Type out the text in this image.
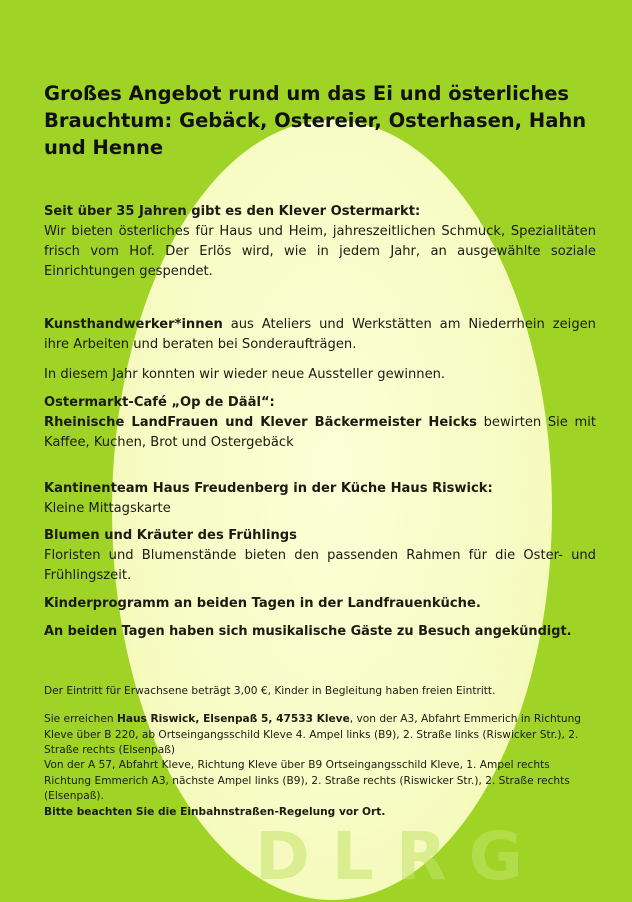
DLRG

Großes Angebot rund um das Ei und österliches Brauchtum: Gebäck, Ostereier, Osterhasen, Hahn und Henne

Seit über 35 Jahren gibt es den Klever Ostermarkt:
Wir bieten österliches für Haus und Heim, jahreszeitlichen Schmuck, Spezialitäten frisch vom Hof. Der Erlös wird, wie in jedem Jahr, an ausgewählte soziale Einrichtungen gespendet.

Kunsthandwerker*innen aus Ateliers und Werkstätten am Niederrhein zeigen ihre Arbeiten und beraten bei Sonderaufträgen.

In diesem Jahr konnten wir wieder neue Aussteller gewinnen.

Ostermarkt-Café „Op de Dääl“:
Rheinische LandFrauen und Klever Bäckermeister Heicks bewirten Sie mit Kaffee, Kuchen, Brot und Ostergebäck

Kantinenteam Haus Freudenberg in der Küche Haus Riswick:
Kleine Mittagskarte

Blumen und Kräuter des Frühlings
Floristen und Blumenstände bieten den passenden Rahmen für die Oster- und Frühlingszeit.

Kinderprogramm an beiden Tagen in der Landfrauenküche.

An beiden Tagen haben sich musikalische Gäste zu Besuch angekündigt.

Der Eintritt für Erwachsene beträgt 3,00 €, Kinder in Begleitung haben freien Eintritt.

Sie erreichen Haus Riswick, Elsenpaß 5, 47533 Kleve, von der A3, Abfahrt Emmerich in Richtung Kleve über B 220, ab Ortseingangsschild Kleve 4. Ampel links (B9), 2. Straße links (Riswicker Str.), 2. Straße rechts (Elsenpaß)

Von der A 57, Abfahrt Kleve, Richtung Kleve über B9 Ortseingangsschild Kleve, 1. Ampel rechts Richtung Emmerich A3, nächste Ampel links (B9), 2. Straße rechts (Riswicker Str.), 2. Straße rechts (Elsenpaß).

Bitte beachten Sie die Einbahnstraßen-Regelung vor Ort.
